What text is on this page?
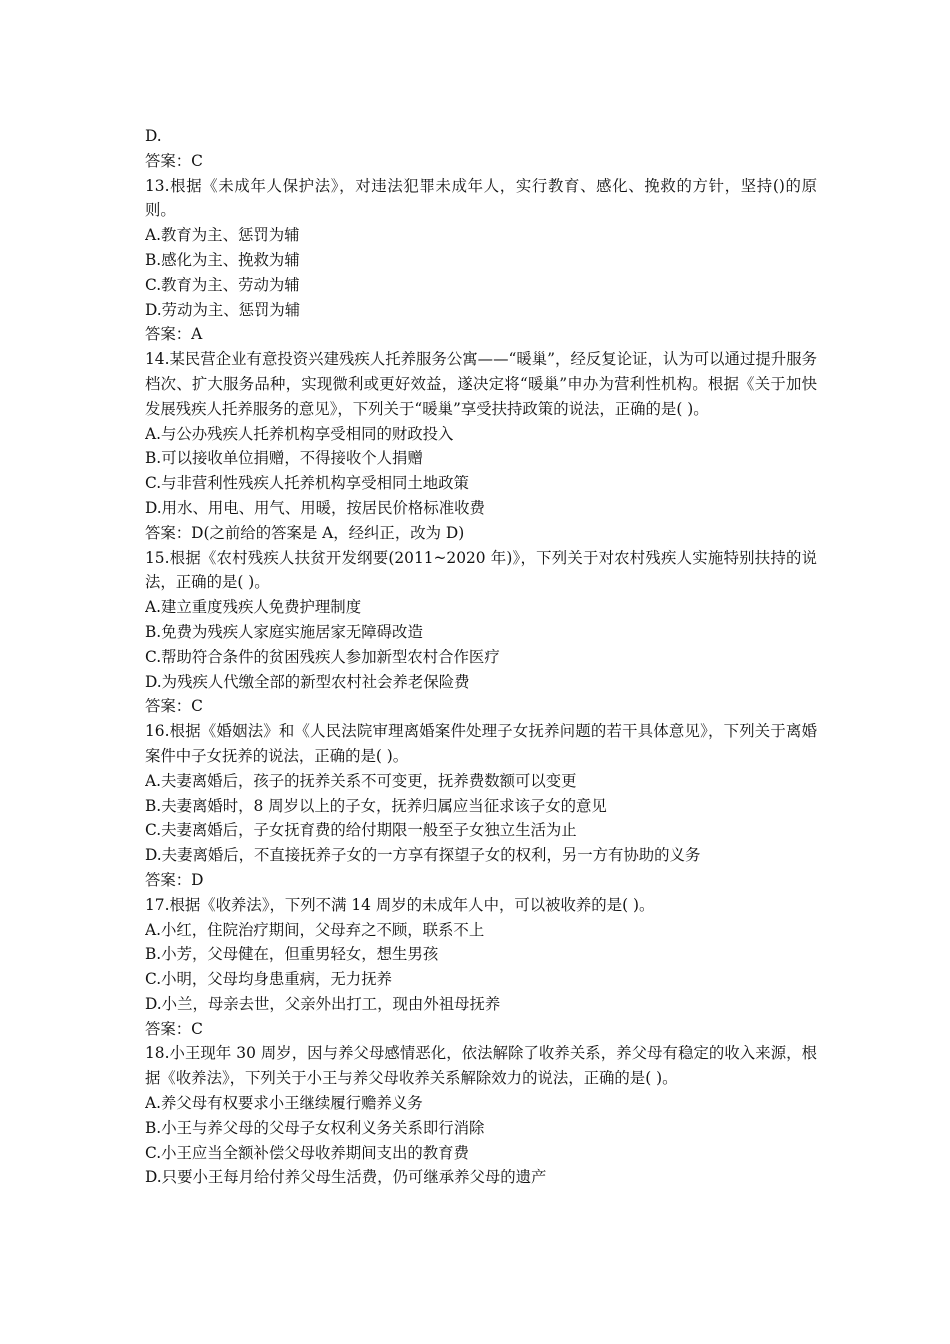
D.
答案：C
13.根据《未成年人保护法》，对违法犯罪未成年人，实行教育、感化、挽救的方针，坚持()的原则。
A.教育为主、惩罚为辅
B.感化为主、挽救为辅
C.教育为主、劳动为辅
D.劳动为主、惩罚为辅
答案：A
14.某民营企业有意投资兴建残疾人托养服务公寓——“暖巢”，经反复论证，认为可以通过提升服务档次、扩大服务品种，实现微利或更好效益，遂决定将“暖巢”申办为营利性机构。根据《关于加快发展残疾人托养服务的意见》，下列关于“暖巢”享受扶持政策的说法，正确的是( )。
A.与公办残疾人托养机构享受相同的财政投入
B.可以接收单位捐赠，不得接收个人捐赠
C.与非营利性残疾人托养机构享受相同土地政策
D.用水、用电、用气、用暖，按居民价格标准收费
答案：D(之前给的答案是 A，经纠正，改为 D)
15.根据《农村残疾人扶贫开发纲要(2011~2020 年)》，下列关于对农村残疾人实施特别扶持的说法，正确的是( )。
A.建立重度残疾人免费护理制度
B.免费为残疾人家庭实施居家无障碍改造
C.帮助符合条件的贫困残疾人参加新型农村合作医疗
D.为残疾人代缴全部的新型农村社会养老保险费
答案：C
16.根据《婚姻法》和《人民法院审理离婚案件处理子女抚养问题的若干具体意见》，下列关于离婚案件中子女抚养的说法，正确的是( )。
A.夫妻离婚后，孩子的抚养关系不可变更，抚养费数额可以变更
B.夫妻离婚时，8 周岁以上的子女，抚养归属应当征求该子女的意见
C.夫妻离婚后，子女抚育费的给付期限一般至子女独立生活为止
D.夫妻离婚后，不直接抚养子女的一方享有探望子女的权利，另一方有协助的义务
答案：D
17.根据《收养法》，下列不满 14 周岁的未成年人中，可以被收养的是( )。
A.小红，住院治疗期间，父母弃之不顾，联系不上
B.小芳，父母健在，但重男轻女，想生男孩
C.小明，父母均身患重病，无力抚养
D.小兰，母亲去世，父亲外出打工，现由外祖母抚养
答案：C
18.小王现年 30 周岁，因与养父母感情恶化，依法解除了收养关系，养父母有稳定的收入来源，根据《收养法》，下列关于小王与养父母收养关系解除效力的说法，正确的是( )。
A.养父母有权要求小王继续履行赡养义务
B.小王与养父母的父母子女权利义务关系即行消除
C.小王应当全额补偿父母收养期间支出的教育费
D.只要小王每月给付养父母生活费，仍可继承养父母的遗产
